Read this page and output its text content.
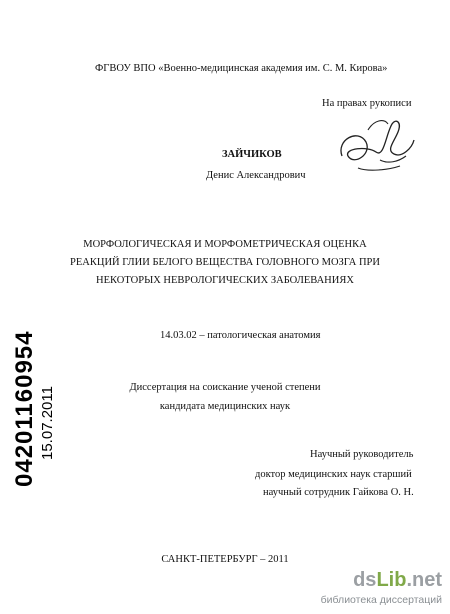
ФГВОУ ВПО «Военно-медицинская академия им. С. М. Кирова»
На правах рукописи
ЗАЙЧИКОВ
Денис Александрович
МОРФОЛОГИЧЕСКАЯ И МОРФОМЕТРИЧЕСКАЯ ОЦЕНКА
РЕАКЦИЙ ГЛИИ БЕЛОГО ВЕЩЕСТВА ГОЛОВНОГО МОЗГА ПРИ
НЕКОТОРЫХ НЕВРОЛОГИЧЕСКИХ ЗАБОЛЕВАНИЯХ
14.03.02 – патологическая анатомия
Диссертация на соискание ученой степени
кандидата медицинских наук
Научный руководитель
доктор медицинских наук старший
научный сотрудник Гайкова О. Н.
САНКТ-ПЕТЕРБУРГ – 2011
04201160954 15.07.2011
dsLib.net
библиотека диссертаций
